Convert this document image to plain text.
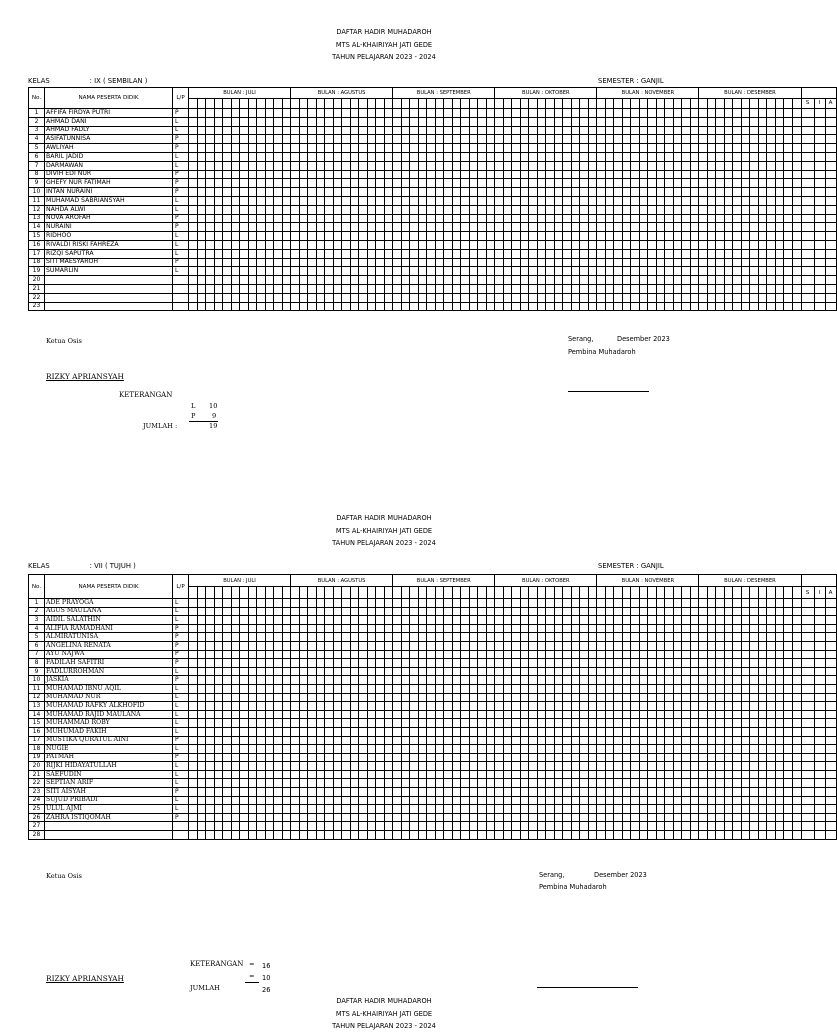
DAFTAR HADIR MUHADAROH
MTS AL-KHAIRIYAH JATI GEDE
TAHUN PELAJARAN 2023 - 2024
KELAS	: IX ( SEMBILAN )	SEMESTER : GANJIL
No.	NAMA PESERTA DIDIK	L/P	BULAN : JULI	BULAN : AGUSTUS	BULAN : SEPTEMBER	BULAN : OKTOBER	BULAN : NOVEMBER	BULAN : DESEMBER	
																																																																								S	I	A
1	AFFIFA FIRDYA PUTRI	P																																																																											
2	AHMAD DANI	L																																																																											
3	AHMAD FADLY	L																																																																											
4	ASIFATUNNISA	P																																																																											
5	AWLIYAH	P																																																																											
6	BARIL JADID	L																																																																											
7	DARMAWAN	L																																																																											
8	DIVIH EDI NUR	P																																																																											
9	GHEFY NUR FATIMAH	P																																																																											
10	INTAN NURAINI	P																																																																											
11	MUHAMAD SABRIANSYAH	L																																																																											
12	NAHDA ALWI	L																																																																											
13	NOVA AROFAH	P																																																																											
14	NURAINI	P																																																																											
15	RIDHOO	L																																																																											
16	RIVALDI RISKI FAHREZA	L																																																																											
17	RIZQI SAPUTRA	L																																																																											
18	SITI MAESYAROH	P																																																																											
19	SUMARLIN	L																																																																											
20																																																																													
21																																																																													
22																																																																													
23																																																																													
Ketua Osis
RIZKY APRIANSYAH
Serang,	Desember 2023
Pembina Muhadaroh
KETERANGAN
L 10
P	9
JUMLAH :	19
DAFTAR HADIR MUHADAROH
MTS AL-KHAIRIYAH JATI GEDE
TAHUN PELAJARAN 2023 - 2024
KELAS	: VII ( TUJUH )	SEMESTER : GANJIL
No.	NAMA PESERTA DIDIK	L/P	BULAN : JULI	BULAN : AGUSTUS	BULAN : SEPTEMBER	BULAN : OKTOBER	BULAN : NOVEMBER	BULAN : DESEMBER	
																																																																								S	I	A
1	ADE PRAYOGA	L																																																																											
2	AGUS MAULANA	L																																																																											
3	AIDIL SALATHIN	L																																																																											
4	ALIFIA RAMADHANI	P																																																																											
5	ALMIRATUNISA	P																																																																											
6	ANGELINA RENATA	P																																																																											
7	AYU NAJWA	P																																																																											
8	FADILAH SAFITRI	P																																																																											
9	FADLURROHMAN	L																																																																											
10	JASKIA	P																																																																											
11	MUHAMAD IBNU AQIL	L																																																																											
12	MUHAMAD NUR	L																																																																											
13	MUHAMAD RAFKY ALKHOFID	L																																																																											
14	MUHAMAD RAJID MAULANA	L																																																																											
15	MUHAMMAD ROBY	L																																																																											
16	MUHUMAD FAKIH	L																																																																											
17	MUSTIKA QURATUL AINI	P																																																																											
18	NUGIE	L																																																																											
19	PATMAH	P																																																																											
20	RIJKI HIDAYATULLAH	L																																																																											
21	SAEFUDIN	L																																																																											
22	SEPTIAN ARIF	L																																																																											
23	SITI AISYAH	P																																																																											
24	SUJUD PRIBADI	L																																																																											
25	ULUL AJMI	L																																																																											
26	ZAHRA ISTIQOMAH	P																																																																											
27																																																																													
28																																																																													
Ketua Osis	Serang,	Desember 2023
Pembina Muhadaroh
KETERANGAN = 16
= 10
JUMLAH	26
RIZKY APRIANSYAH
DAFTAR HADIR MUHADAROH
MTS AL-KHAIRIYAH JATI GEDE
TAHUN PELAJARAN 2023 - 2024
